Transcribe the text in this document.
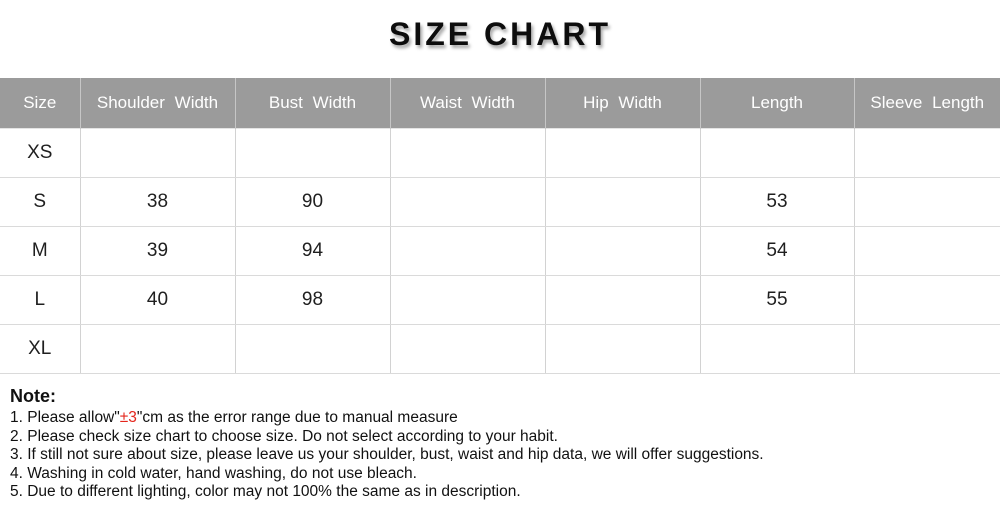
SIZE CHART
Size	Shoulder Width	Bust Width	Waist Width	Hip Width	Length	Sleeve Length
XS						
S	38	90			53	
M	39	94			54	
L	40	98			55	
XL						
Note:
1. Please allow"±3"cm as the error range due to manual measure
2. Please check size chart to choose size. Do not select according to your habit.
3. If still not sure about size, please leave us your shoulder, bust, waist and hip data, we will offer suggestions.
4. Washing in cold water, hand washing, do not use bleach.
5. Due to different lighting, color may not 100% the same as in description.
